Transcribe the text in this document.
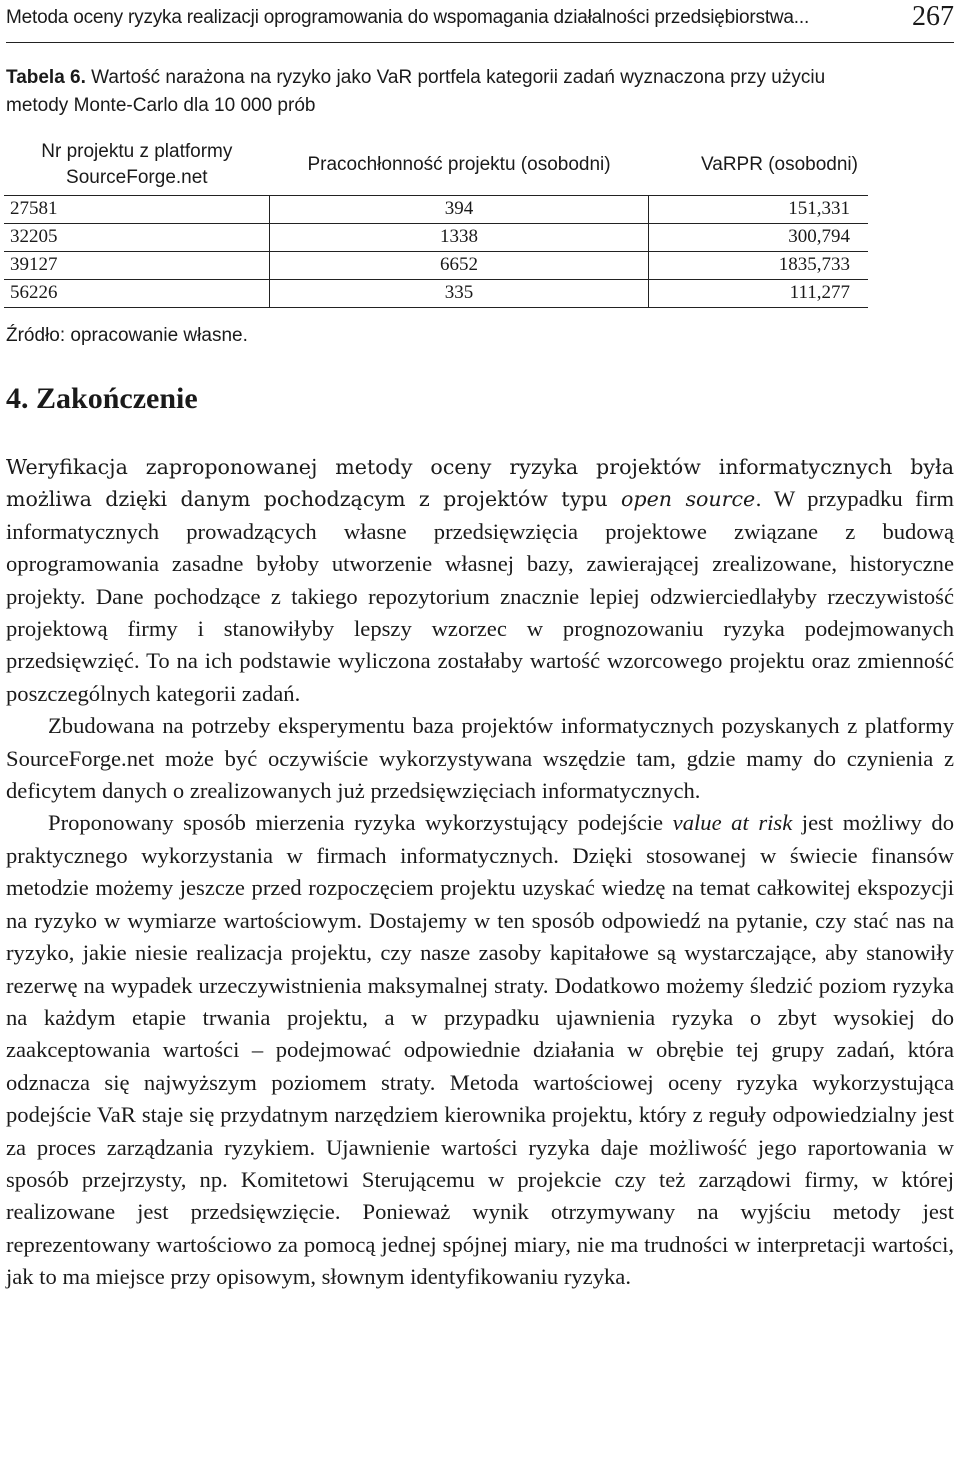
Metoda oceny ryzyka realizacji oprogramowania do wspomagania działalności przedsiębiorstwa...	267
Tabela 6. Wartość narażona na ryzyko jako VaR portfela kategorii zadań wyznaczona przy użyciu metody Monte-Carlo dla 10 000 prób
Nr projektu z platformy SourceForge.net	Pracochłonność projektu (osobodni)	VaRPR (osobodni)
27581	394	151,331
32205	1338	300,794
39127	6652	1835,733
56226	335	111,277
Źródło: opracowanie własne.
4. Zakończenie

Weryfikacja zaproponowanej metody oceny ryzyka projektów informatycznych była możliwa dzięki danym pochodzącym z projektów typu open source. W przypadku firm informatycznych prowadzących własne przedsięwzięcia projektowe związane z budową oprogramowania zasadne byłoby utworzenie własnej bazy, zawierającej zrealizowane, historyczne projekty. Dane pochodzące z takiego repozytorium znacznie lepiej odzwierciedlałyby rzeczywistość projektową firmy i stanowiłyby lepszy wzorzec w prognozowaniu ryzyka podejmowanych przedsięwzięć. To na ich podstawie wyliczona zostałaby wartość wzorcowego projektu oraz zmienność poszczególnych kategorii zadań.

Zbudowana na potrzeby eksperymentu baza projektów informatycznych pozyskanych z platformy SourceForge.net może być oczywiście wykorzystywana wszędzie tam, gdzie mamy do czynienia z deficytem danych o zrealizowanych już przedsięwzięciach informatycznych.

Proponowany sposób mierzenia ryzyka wykorzystujący podejście value at risk jest możliwy do praktycznego wykorzystania w firmach informatycznych. Dzięki stosowanej w świecie finansów metodzie możemy jeszcze przed rozpoczęciem projektu uzyskać wiedzę na temat całkowitej ekspozycji na ryzyko w wymiarze wartościowym. Dostajemy w ten sposób odpowiedź na pytanie, czy stać nas na ryzyko, jakie niesie realizacja projektu, czy nasze zasoby kapitałowe są wystarczające, aby stanowiły rezerwę na wypadek urzeczywistnienia maksymalnej straty. Dodatkowo możemy śledzić poziom ryzyka na każdym etapie trwania projektu, a w przypadku ujawnienia ryzyka o zbyt wysokiej do zaakceptowania wartości – podejmować odpowiednie działania w obrębie tej grupy zadań, która odznacza się najwyższym poziomem straty. Metoda wartościowej oceny ryzyka wykorzystująca podejście VaR staje się przydatnym narzędziem kierownika projektu, który z reguły odpowiedzialny jest za proces zarządzania ryzykiem. Ujawnienie wartości ryzyka daje możliwość jego raportowania w sposób przejrzysty, np. Komitetowi Sterującemu w projekcie czy też zarządowi firmy, w której realizowane jest przedsięwzięcie. Ponieważ wynik otrzymywany na wyjściu metody jest reprezentowany wartościowo za pomocą jednej spójnej miary, nie ma trudności w interpretacji wartości, jak to ma miejsce przy opisowym, słownym identyfikowaniu ryzyka.
